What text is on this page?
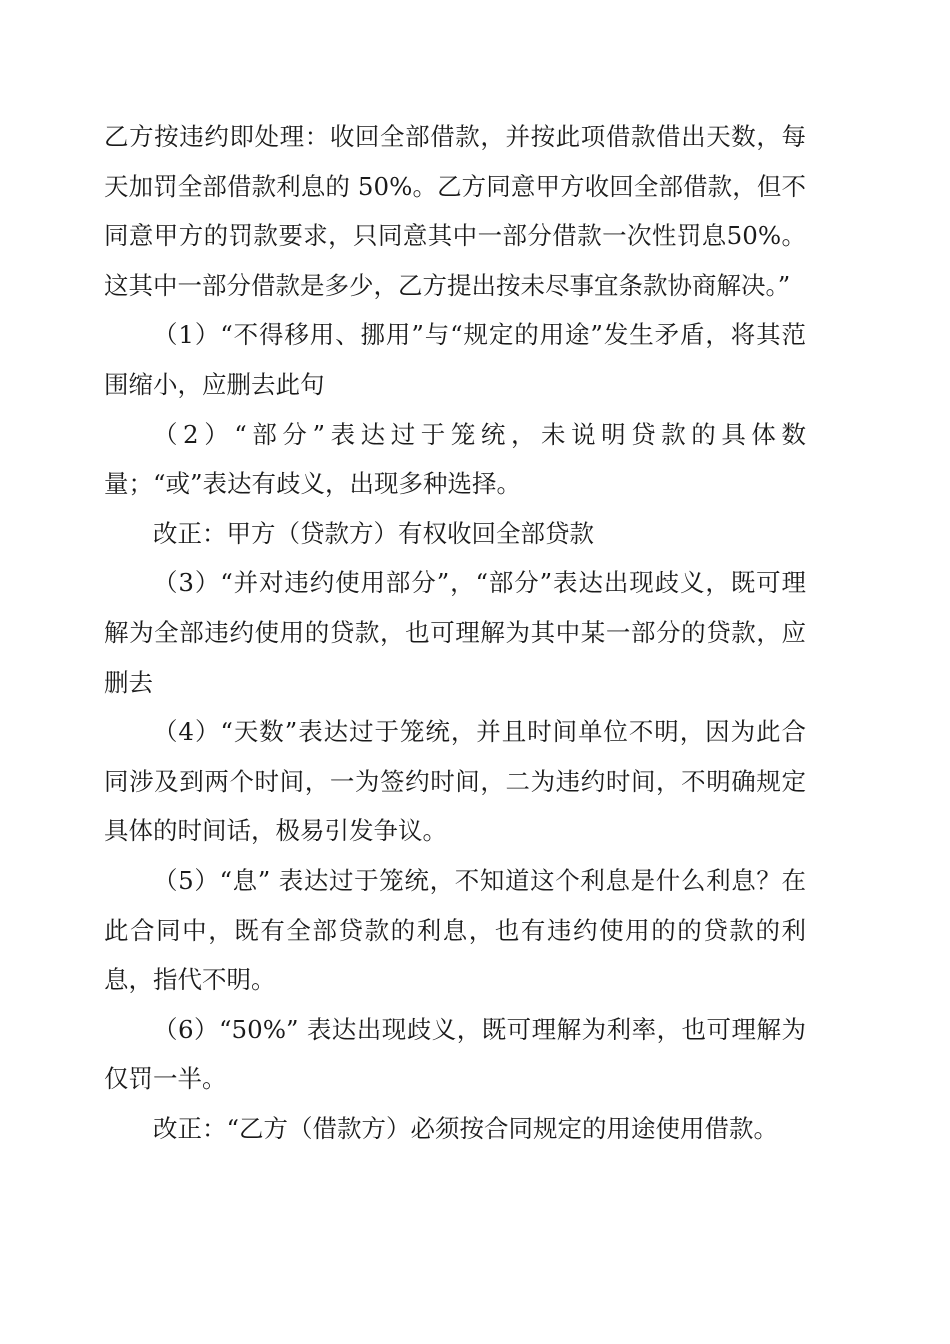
乙方按违约即处理：收回全部借款，并按此项借款借出天数，每天加罚全部借款利息的 50%。乙方同意甲方收回全部借款，但不同意甲方的罚款要求，只同意其中一部分借款一次性罚息50%。这其中一部分借款是多少，乙方提出按未尽事宜条款协商解决。”

（1）“不得移用、挪用”与“规定的用途”发生矛盾，将其范围缩小，应删去此句

（2）“部分”表达过于笼统，未说明贷款的具体数量；“或”表达有歧义，出现多种选择。

改正：甲方（贷款方）有权收回全部贷款

（3）“并对违约使用部分”，“部分”表达出现歧义，既可理解为全部违约使用的贷款，也可理解为其中某一部分的贷款，应删去

（4）“天数”表达过于笼统，并且时间单位不明，因为此合同涉及到两个时间，一为签约时间，二为违约时间，不明确规定具体的时间话，极易引发争议。

（5）“息” 表达过于笼统，不知道这个利息是什么利息？在此合同中，既有全部贷款的利息，也有违约使用的的贷款的利息，指代不明。

（6）“50%” 表达出现歧义，既可理解为利率，也可理解为仅罚一半。

改正：“乙方（借款方）必须按合同规定的用途使用借款。
